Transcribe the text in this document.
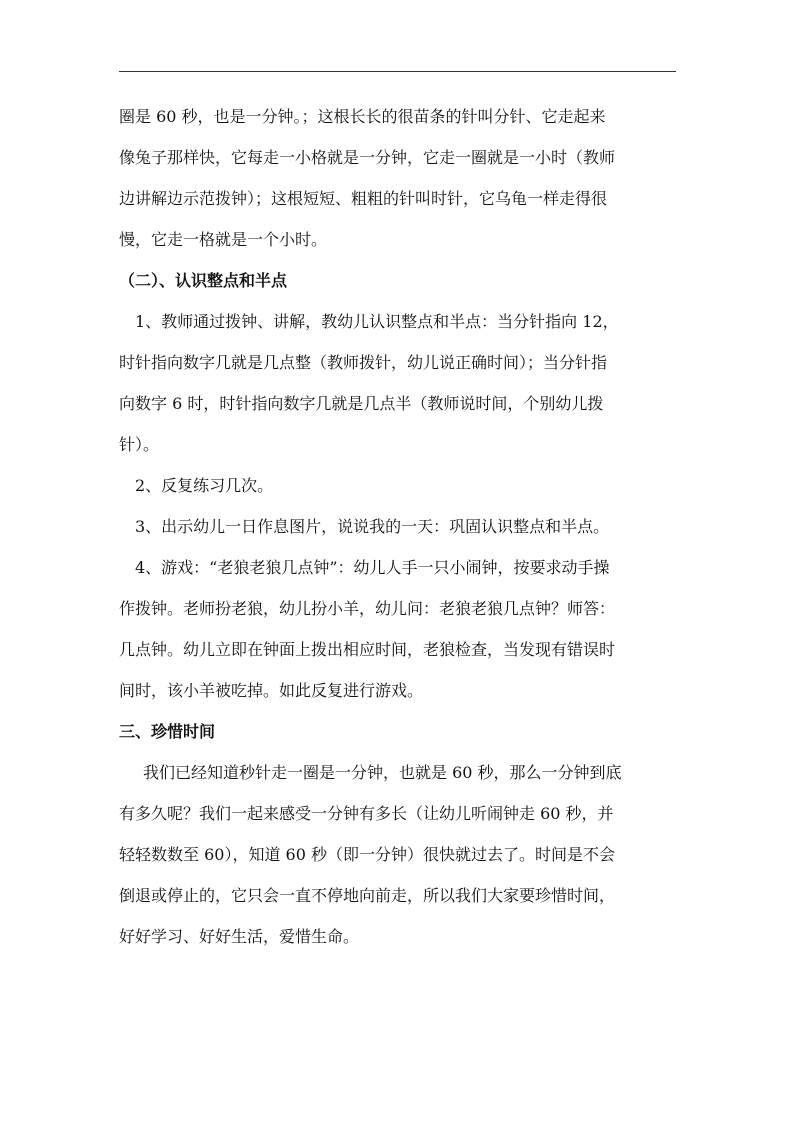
圈是 60 秒，也是一分钟。；这根长长的很苗条的针叫分针、它走起来
像兔子那样快，它每走一小格就是一分钟，它走一圈就是一小时（教师
边讲解边示范拨钟）；这根短短、粗粗的针叫时针，它乌龟一样走得很
慢，它走一格就是一个小时。
（二）、认识整点和半点
1、教师通过拨钟、讲解，教幼儿认识整点和半点：当分针指向 12，
时针指向数字几就是几点整（教师拨针，幼儿说正确时间）；当分针指
向数字 6 时，时针指向数字几就是几点半（教师说时间，个别幼儿拨
针）。
2、反复练习几次。
3、出示幼儿一日作息图片，说说我的一天：巩固认识整点和半点。
4、游戏：“老狼老狼几点钟”：幼儿人手一只小闹钟，按要求动手操
作拨钟。老师扮老狼，幼儿扮小羊，幼儿问：老狼老狼几点钟？师答：
几点钟。幼儿立即在钟面上拨出相应时间，老狼检查，当发现有错误时
间时，该小羊被吃掉。如此反复进行游戏。
三、珍惜时间
我们已经知道秒针走一圈是一分钟，也就是 60 秒，那么一分钟到底
有多久呢？我们一起来感受一分钟有多长（让幼儿听闹钟走 60 秒，并
轻轻数数至 60），知道 60 秒（即一分钟）很快就过去了。时间是不会
倒退或停止的，它只会一直不停地向前走，所以我们大家要珍惜时间，
好好学习、好好生活，爱惜生命。
